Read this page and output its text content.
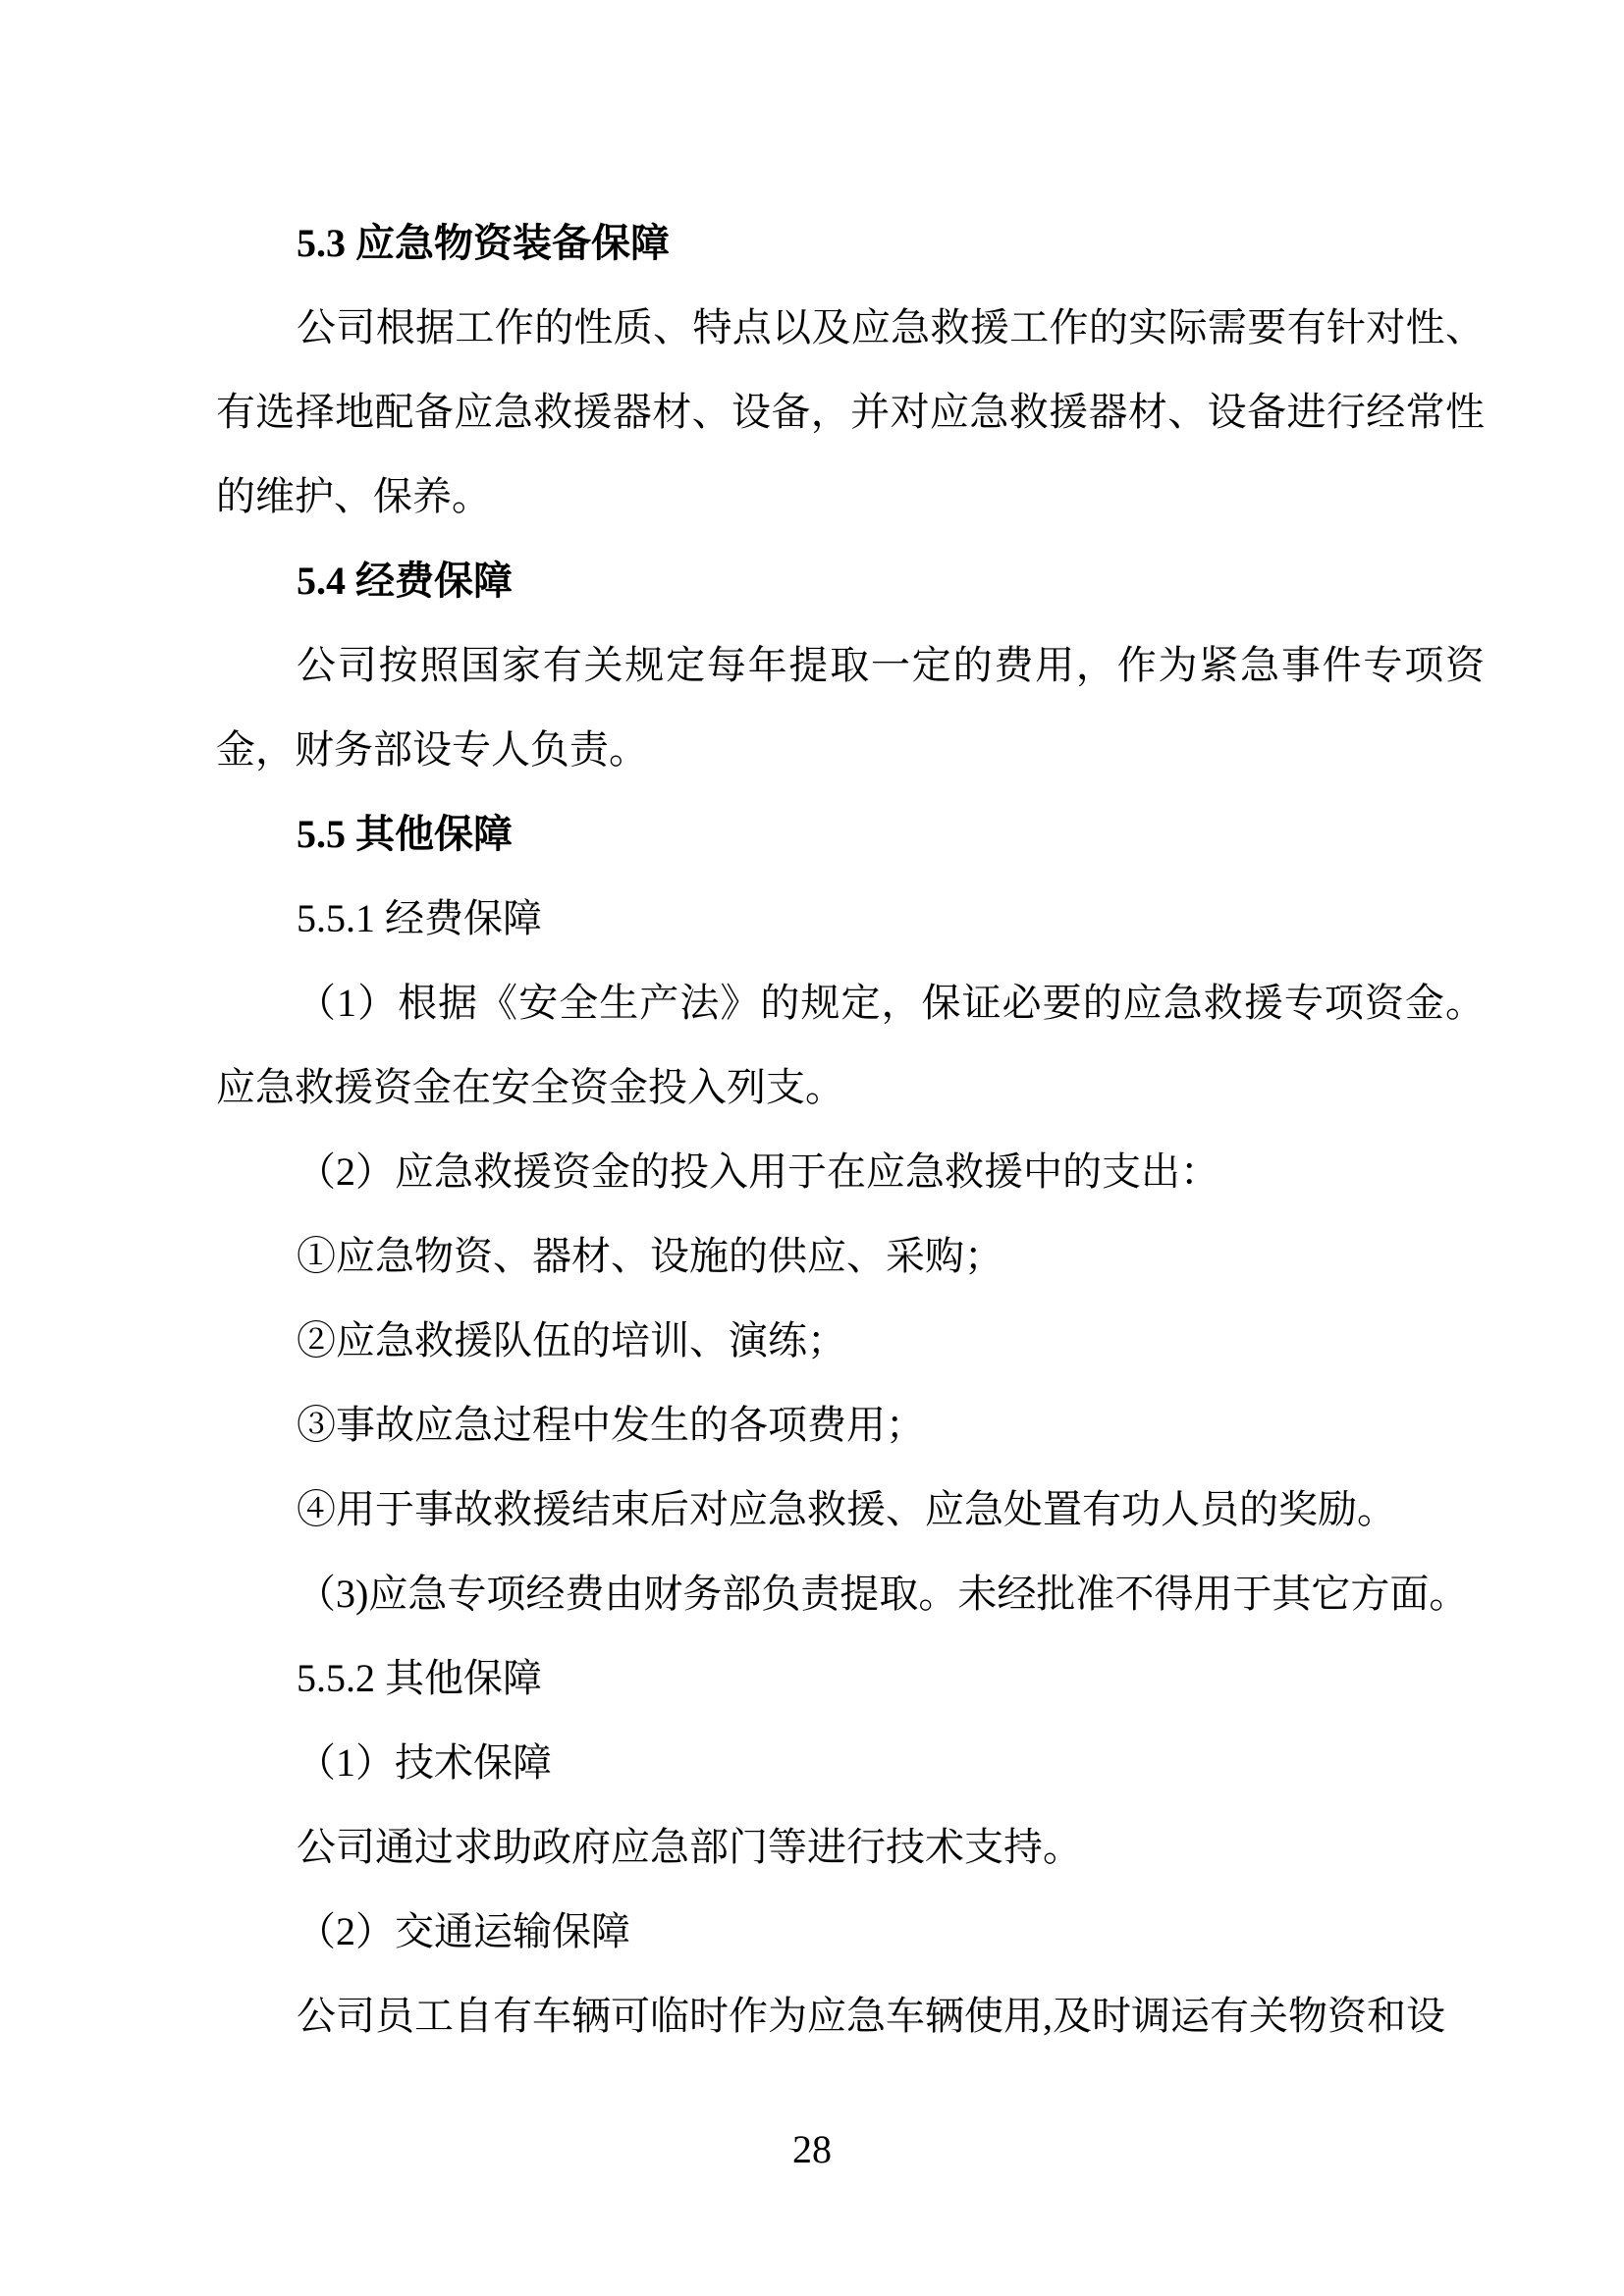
5.3 应急物资装备保障
公司根据工作的性质、特点以及应急救援工作的实际需要有针对性、有选择地配备应急救援器材、设备，并对应急救援器材、设备进行经常性的维护、保养。
5.4 经费保障
公司按照国家有关规定每年提取一定的费用，作为紧急事件专项资金，财务部设专人负责。
5.5 其他保障
5.5.1 经费保障
（1）根据《安全生产法》的规定，保证必要的应急救援专项资金。应急救援资金在安全资金投入列支。
（2）应急救援资金的投入用于在应急救援中的支出：
①应急物资、器材、设施的供应、采购；
②应急救援队伍的培训、演练；
③事故应急过程中发生的各项费用；
④用于事故救援结束后对应急救援、应急处置有功人员的奖励。
（3)应急专项经费由财务部负责提取。未经批准不得用于其它方面。
5.5.2 其他保障
（1）技术保障
公司通过求助政府应急部门等进行技术支持。
（2）交通运输保障
公司员工自有车辆可临时作为应急车辆使用,及时调运有关物资和设
28
